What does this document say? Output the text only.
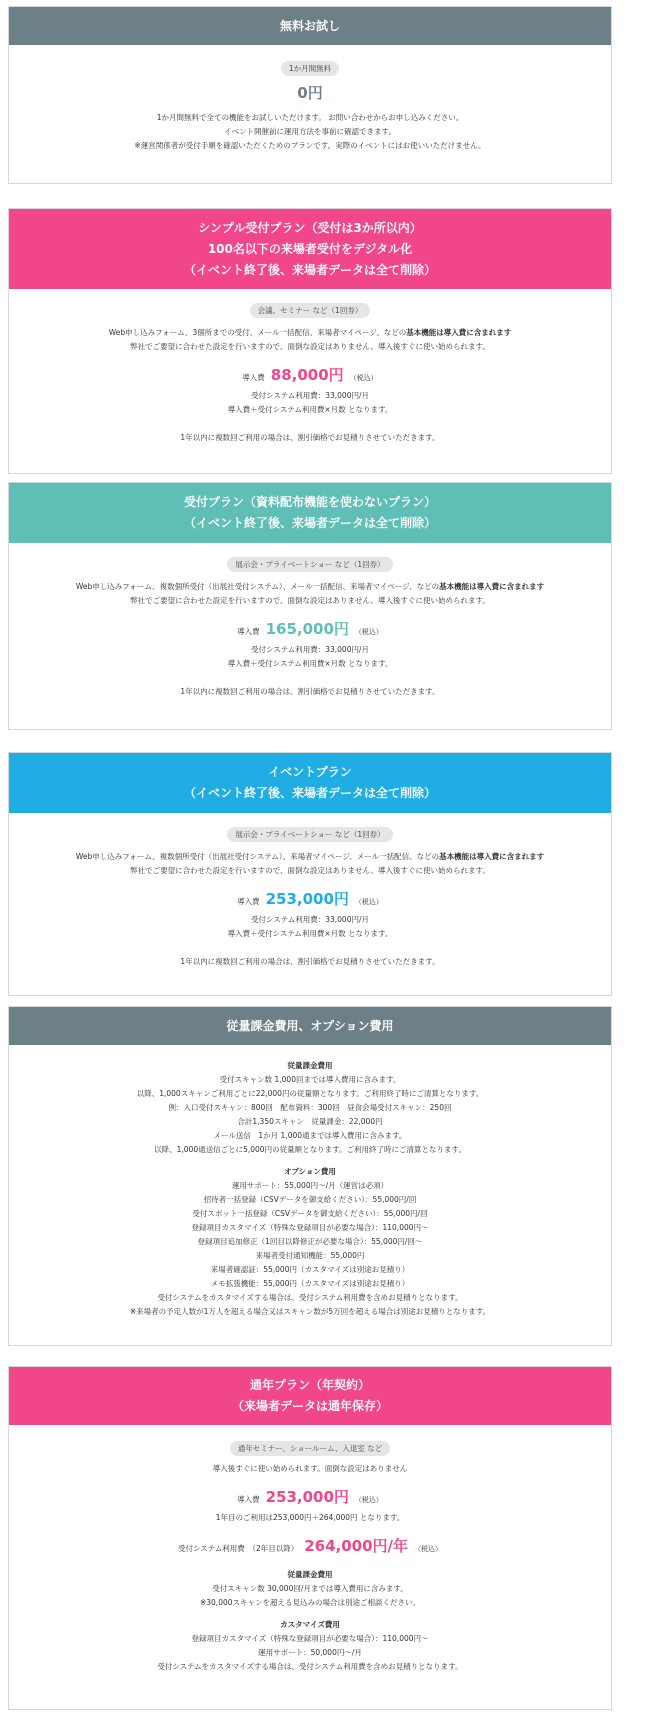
無料お試し
1か月間無料
0円
1か月間無料で全ての機能をお試しいただけます。 お問い合わせからお申し込みください。
イベント開催前に運用方法を事前に確認できます。
※運営関係者が受付手順を確認いただくためのプランです。実際のイベントにはお使いいただけません。
シンプル受付プラン（受付は3か所以内）
100名以下の来場者受付をデジタル化
（イベント終了後、来場者データは全て削除）
会議、セミナー など（1回券）
Web申し込みフォーム、3個所までの受付、メール一括配信、来場者マイページ、などの基本機能は導入費に含まれます
弊社でご要望に合わせた設定を行いますので、面倒な設定はありません。導入後すぐに使い始められます。
導入費 88,000円 （税込）
受付システム利用費：33,000円/月
導入費＋受付システム利用費×月数 となります。
1年以内に複数回ご利用の場合は、割引価格でお見積りさせていただきます。
受付プラン（資料配布機能を使わないプラン）
（イベント終了後、来場者データは全て削除）
展示会・プライベートショー など（1回券）
Web申し込みフォーム、複数個所受付（出展社受付システム）、メール一括配信、来場者マイページ、などの基本機能は導入費に含まれます
弊社でご要望に合わせた設定を行いますので、面倒な設定はありません。導入後すぐに使い始められます。
導入費 165,000円 （税込）
受付システム利用費：33,000円/月
導入費＋受付システム利用費×月数 となります。
1年以内に複数回ご利用の場合は、割引価格でお見積りさせていただきます。
イベントプラン
（イベント終了後、来場者データは全て削除）
展示会・プライベートショー など（1回券）
Web申し込みフォーム、複数個所受付（出展社受付システム）、来場者マイページ、メール一括配信、などの基本機能は導入費に含まれます
弊社でご要望に合わせた設定を行いますので、面倒な設定はありません。導入後すぐに使い始められます。
導入費 253,000円 （税込）
受付システム利用費：33,000円/月
導入費＋受付システム利用費×月数 となります。
1年以内に複数回ご利用の場合は、割引価格でお見積りさせていただきます。
従量課金費用、オプション費用
従量課金費用
受付スキャン数 1,000回までは導入費用に含みます。
以降、1,000スキャンご利用ごとに22,000円の従量額となります。ご利用終了時にご清算となります。
例：入口受付スキャン：800回　配布資料：300回　昼食会場受付スキャン：250回
合計1,350スキャン　従量課金：22,000円
メール送信　1か月 1,000通までは導入費用に含みます。
以降、1,000通送信ごとに5,000円の従量額となります。ご利用終了時にご清算となります。
オプション費用
運用サポート：55,000円〜/月（運営は必須）
招待者一括登録（CSVデータを御支給ください）：55,000円/回
受付スポット一括登録（CSVデータを御支給ください）：55,000円/回
登録項目カスタマイズ（特殊な登録項目が必要な場合）：110,000円〜
登録項目追加修正（1回目以降修正が必要な場合）：55,000円/回〜
来場者受付通知機能：55,000円
来場者確認証：55,000円（カスタマイズは別途お見積り）
メモ拡張機能：55,000円（カスタマイズは別途お見積り）
受付システムをカスタマイズする場合は、受付システム利用費を含めお見積りとなります。
※来場者の予定人数が1万人を超える場合又はスキャン数が5万回を超える場合は別途お見積りとなります。
通年プラン（年契約）
（来場者データは通年保存）
通年セミナー、ショールーム、入退室 など
導入後すぐに使い始められます。面倒な設定はありません
導入費 253,000円 （税込）
1年目のご利用は253,000円＋264,000円 となります。
受付システム利用費　（2年目以降） 264,000円/年 （税込）
従量課金費用
受付スキャン数 30,000回/月までは導入費用に含みます。
※30,000スキャンを超える見込みの場合は別途ご相談ください。
カスタマイズ費用
登録項目カスタマイズ（特殊な登録項目が必要な場合）：110,000円〜
運用サポート：50,000円〜/月
受付システムをカスタマイズする場合は、受付システム利用費を含めお見積りとなります。
